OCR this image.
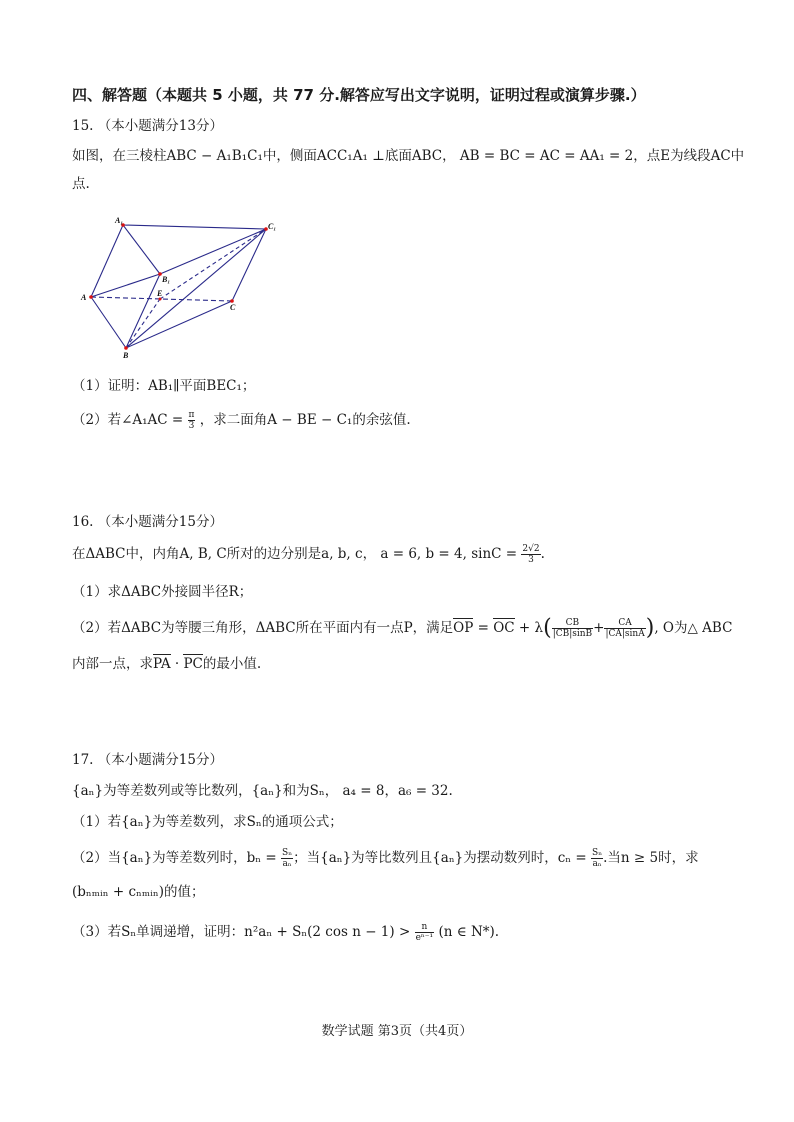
四、解答题（本题共 5 小题，共 77 分.解答应写出文字说明，证明过程或演算步骤.）
15. （本小题满分13分）
如图，在三棱柱ABC − A₁B₁C₁中，侧面ACC₁A₁ ⊥底面ABC， AB = BC = AC = AA₁ = 2，点E为线段AC中
点.
A₁
C₁
B₁
A	E
C
B
（1）证明：AB₁∥平面BEC₁；
（2）若∠A₁AC = $\frac{\pi}{3}$ ，求二面角A − BE − C₁的余弦值.
16. （本小题满分15分）
在ΔABC中，内角A, B, C所对的边分别是a, b, c， a = 6, b = 4, $\sin C = \frac{2√2}{3}$ .
（1）求ΔABC外接圆半径R；
（2）若ΔABC为等腰三角形，ΔABC所在平面内有一点P，满足OP = OC + $\lambda( \frac{CB}{|CB|\sin B} + \frac{CA}{|CA|\sin A}$ ), O为△ ABC
内部一点，求PA · PC的最小值.
17. （本小题满分15分）
{aₙ}为等差数列或等比数列，{aₙ}和为Sₙ， a₄ = 8，a₆ = 32.
（1）若{aₙ}为等差数列，求Sₙ的通项公式；
（2）当{aₙ}为等差数列时，$b_n = \frac{\text{Sₙ}}{\text{aₙ}}$ ；当{aₙ}为等比数列且{aₙ}为摆动数列时，$c_n = \frac{\text{Sₙ}}{\text{aₙ}}$ .当n ≥ 5时，求
(bₙₘᵢₙ + cₙₘᵢₙ)的值；
（3）若Sₙ单调递增，证明：n²aₙ + Sₙ(2 $\cos n - 1) > \frac{n}{\text{eⁿ⁻¹}} (n$ ∈ N*).
数学试题 第3页（共4页）
